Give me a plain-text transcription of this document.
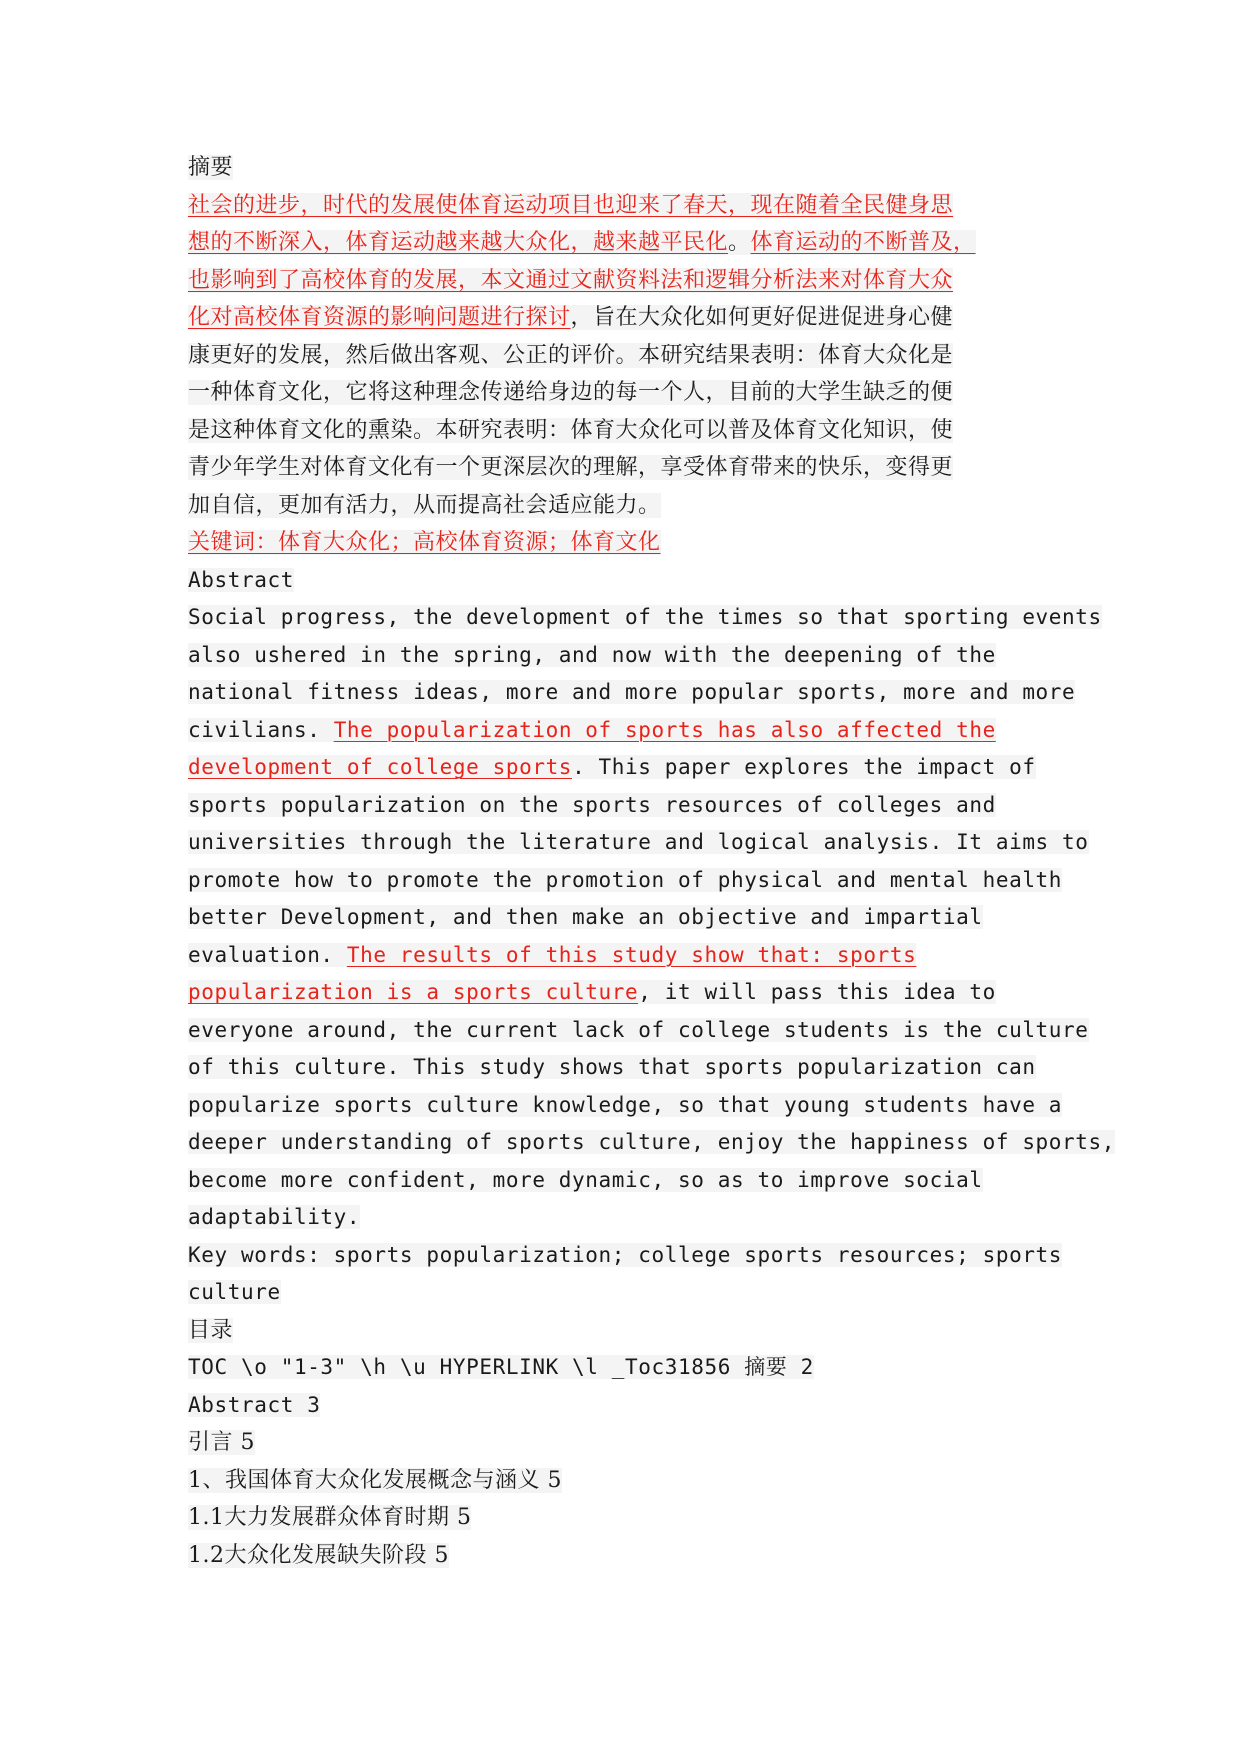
摘要
社会的进步，时代的发展使体育运动项目也迎来了春天，现在随着全民健身思
想的不断深入，体育运动越来越大众化，越来越平民化。体育运动的不断普及，
也影响到了高校体育的发展，本文通过文献资料法和逻辑分析法来对体育大众
化对高校体育资源的影响问题进行探讨，旨在大众化如何更好促进促进身心健
康更好的发展，然后做出客观、公正的评价。本研究结果表明：体育大众化是
一种体育文化，它将这种理念传递给身边的每一个人，目前的大学生缺乏的便
是这种体育文化的熏染。本研究表明：体育大众化可以普及体育文化知识，使
青少年学生对体育文化有一个更深层次的理解，享受体育带来的快乐，变得更
加自信，更加有活力，从而提高社会适应能力。
关键词：体育大众化；高校体育资源；体育文化
Abstract
Social progress, the development of the times so that sporting events
also ushered in the spring, and now with the deepening of the
national fitness ideas, more and more popular sports, more and more
civilians. The popularization of sports has also affected the
development of college sports. This paper explores the impact of
sports popularization on the sports resources of colleges and
universities through the literature and logical analysis. It aims to
promote how to promote the promotion of physical and mental health
better Development, and then make an objective and impartial
evaluation. The results of this study show that: sports
popularization is a sports culture, it will pass this idea to
everyone around, the current lack of college students is the culture
of this culture. This study shows that sports popularization can
popularize sports culture knowledge, so that young students have a
deeper understanding of sports culture, enjoy the happiness of sports,
become more confident, more dynamic, so as to improve social
adaptability.
Key words: sports popularization; college sports resources; sports
culture
目录
TOC \o "1-3" \h \u HYPERLINK \l _Toc31856 摘要 2
Abstract 3
引言 5
1、我国体育大众化发展概念与涵义 5
1.1大力发展群众体育时期 5
1.2大众化发展缺失阶段 5
